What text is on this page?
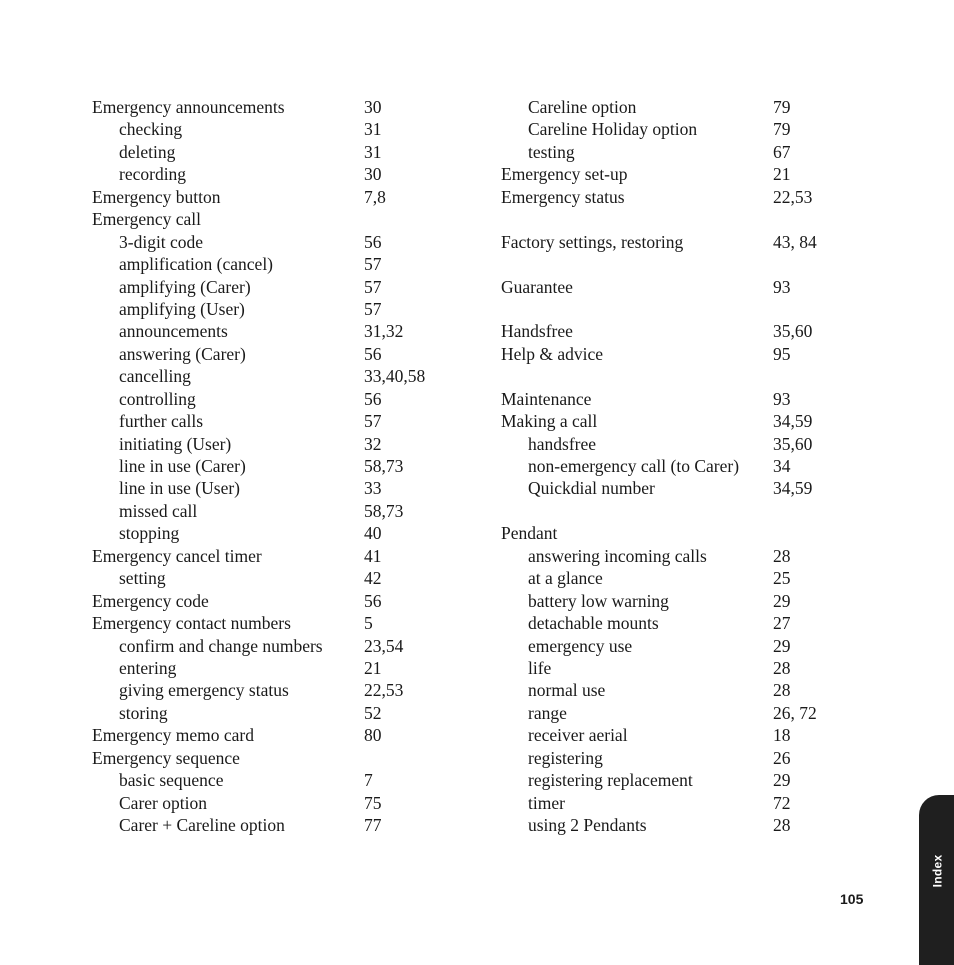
Emergency announcements	30
checking	31
deleting	31
recording	30
Emergency button	7,8
Emergency call
3-digit code	56
amplification (cancel)	57
amplifying (Carer)	57
amplifying (User)	57
announcements	31,32
answering (Carer)	56
cancelling	33,40,58
controlling	56
further calls	57
initiating (User)	32
line in use (Carer)	58,73
line in use (User)	33
missed call	58,73
stopping	40
Emergency cancel timer	41
setting	42
Emergency code	56
Emergency contact numbers	5
confirm and change numbers 23,54
entering	21
giving emergency status	22,53
storing	52
Emergency memo card	80
Emergency sequence
basic sequence	7
Carer option	75
Carer + Careline option	77
Careline option	79
Careline Holiday option	79
testing	67
Emergency set-up	21
Emergency status	22,53
Factory settings, restoring	43, 84
Guarantee	93
Handsfree	35,60
Help & advice	95
Maintenance	93
Making a call	34,59
handsfree	35,60
non-emergency call (to Carer) 34
Quickdial number	34,59
Pendant
answering incoming calls	28
at a glance	25
battery low warning	29
detachable mounts	27
emergency use	29
life	28
normal use	28
range	26, 72
receiver aerial	18
registering	26
registering replacement	29
timer	72
using 2 Pendants	28
105
Index
